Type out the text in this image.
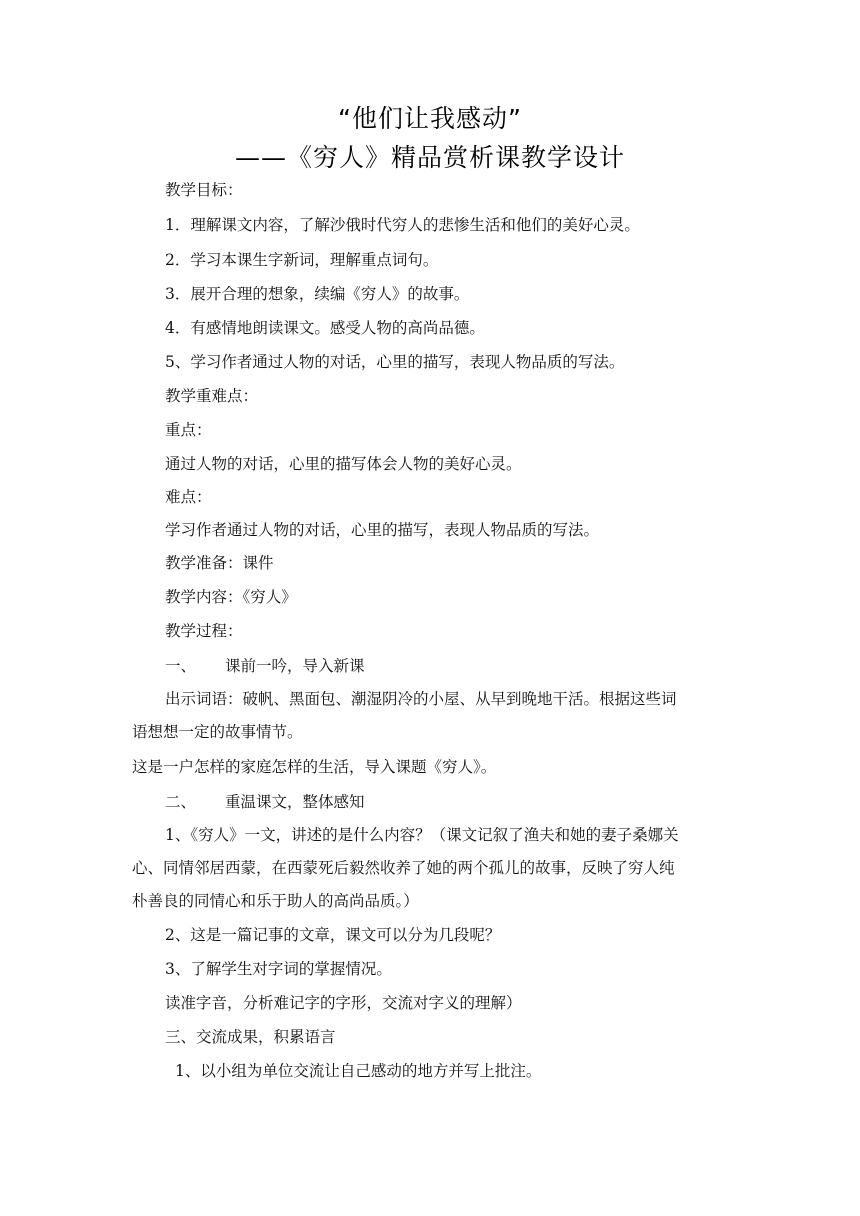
“他们让我感动”
——《穷人》精品赏析课教学设计
教学目标：
1．理解课文内容，了解沙俄时代穷人的悲惨生活和他们的美好心灵。
2．学习本课生字新词，理解重点词句。
3．展开合理的想象，续编《穷人》的故事。
4．有感情地朗读课文。感受人物的高尚品德。
5、学习作者通过人物的对话，心里的描写，表现人物品质的写法。
教学重难点：
重点：
通过人物的对话，心里的描写体会人物的美好心灵。
难点：
学习作者通过人物的对话，心里的描写，表现人物品质的写法。
教学准备：课件
教学内容：《穷人》
教学过程：
一、 课前一吟，导入新课
出示词语：破帆、黑面包、潮湿阴冷的小屋、从早到晚地干活。根据这些词
语想想一定的故事情节。
这是一户怎样的家庭怎样的生活，导入课题《穷人》。
二、 重温课文，整体感知
1、《穷人》一文，讲述的是什么内容？（课文记叙了渔夫和她的妻子桑娜关
心、同情邻居西蒙，在西蒙死后毅然收养了她的两个孤儿的故事，反映了穷人纯
朴善良的同情心和乐于助人的高尚品质。）
2、这是一篇记事的文章，课文可以分为几段呢？
3、了解学生对字词的掌握情况。
读准字音，分析难记字的字形，交流对字义的理解）
三、交流成果，积累语言
1、以小组为单位交流让自己感动的地方并写上批注。
